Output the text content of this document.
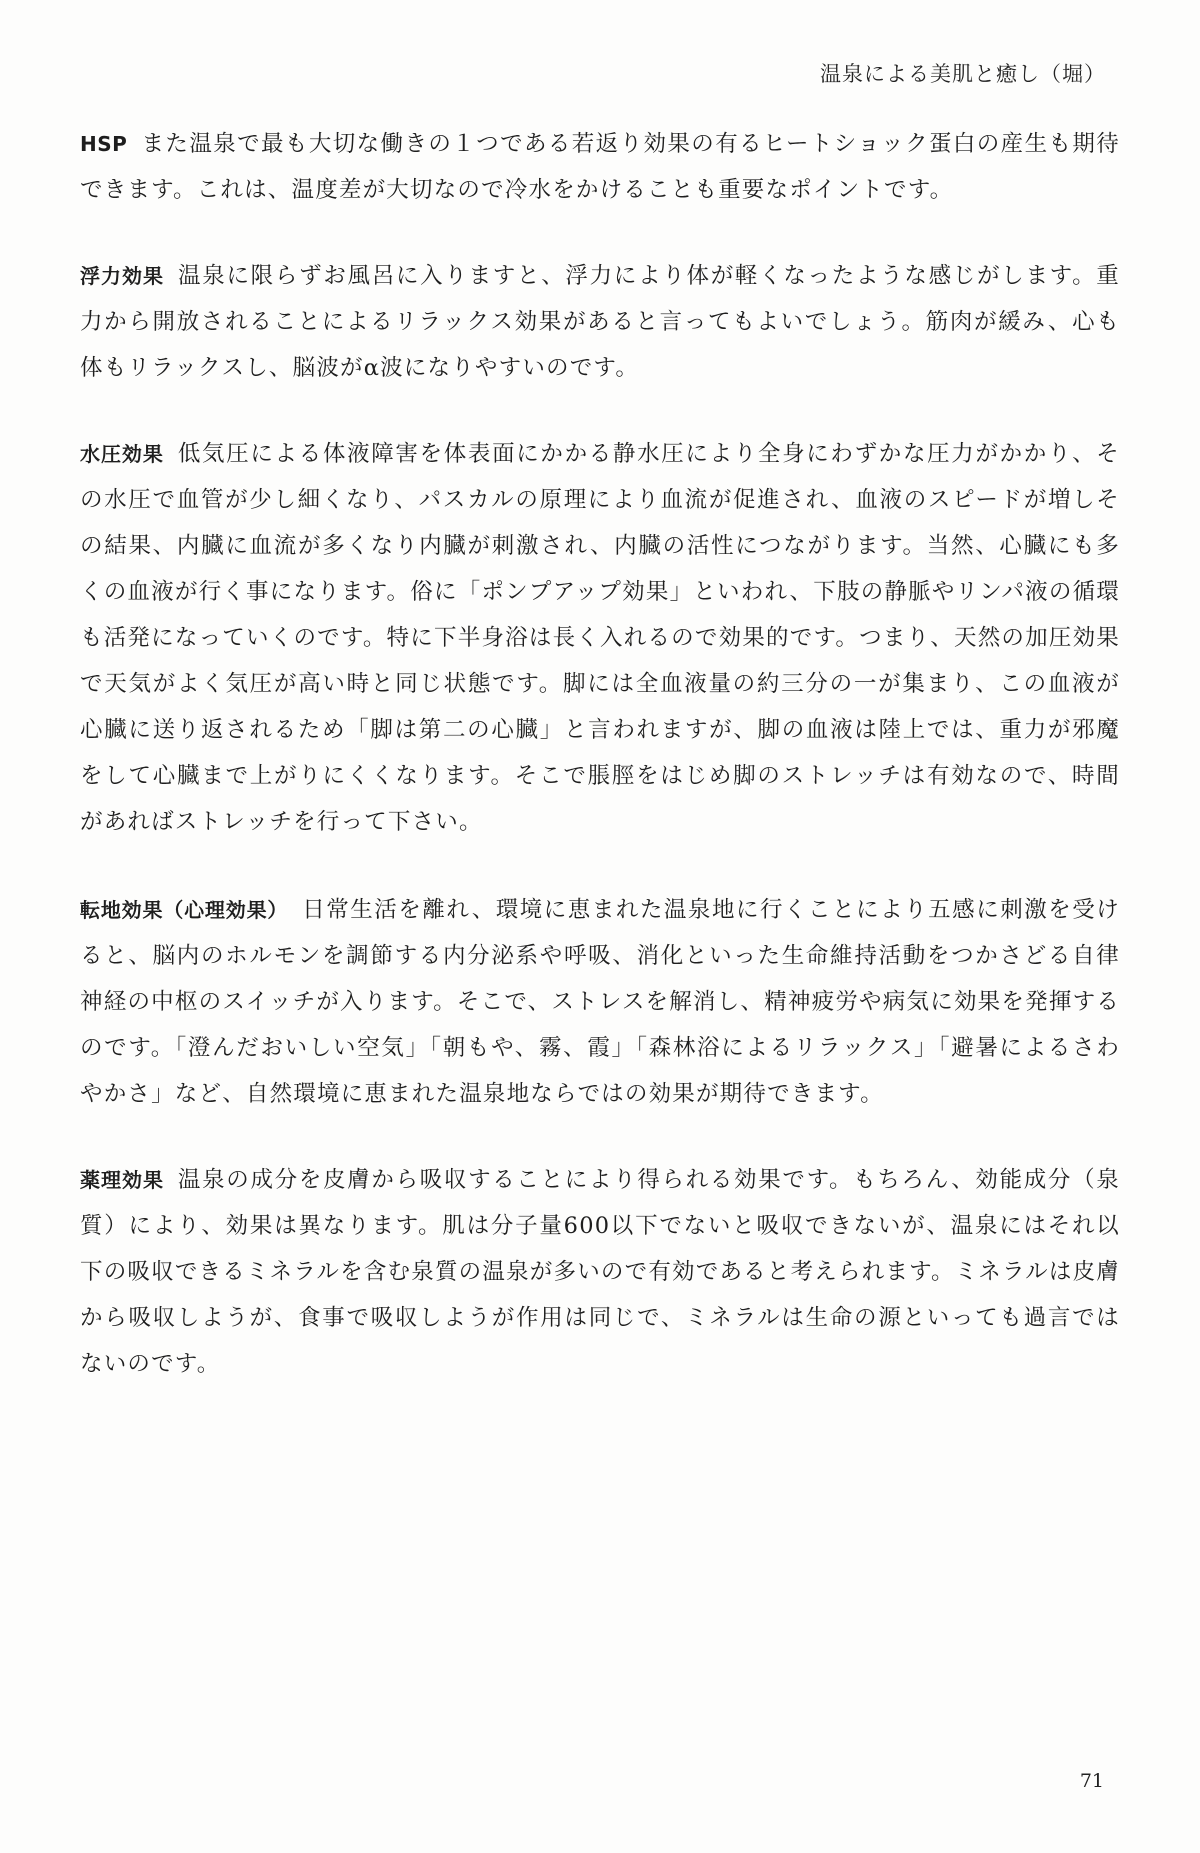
温泉による美肌と癒し（堀）
HSP また温泉で最も大切な働きの１つである若返り効果の有るヒートショック蛋白の産生も期待できます。これは、温度差が大切なので冷水をかけることも重要なポイントです。
浮力効果 温泉に限らずお風呂に入りますと、浮力により体が軽くなったような感じがします。重力から開放されることによるリラックス効果があると言ってもよいでしょう。筋肉が緩み、心も体もリラックスし、脳波がα波になりやすいのです。
水圧効果 低気圧による体液障害を体表面にかかる静水圧により全身にわずかな圧力がかかり、その水圧で血管が少し細くなり、パスカルの原理により血流が促進され、血液のスピードが増しその結果、内臓に血流が多くなり内臓が刺激され、内臓の活性につながります。当然、心臓にも多くの血液が行く事になります。俗に「ポンプアップ効果」といわれ、下肢の静脈やリンパ液の循環も活発になっていくのです。特に下半身浴は長く入れるので効果的です。つまり、天然の加圧効果で天気がよく気圧が高い時と同じ状態です。脚には全血液量の約三分の一が集まり、この血液が心臓に送り返されるため「脚は第二の心臓」と言われますが、脚の血液は陸上では、重力が邪魔をして心臓まで上がりにくくなります。そこで脹脛をはじめ脚のストレッチは有効なので、時間があればストレッチを行って下さい。
転地効果（心理効果） 日常生活を離れ、環境に恵まれた温泉地に行くことにより五感に刺激を受けると、脳内のホルモンを調節する内分泌系や呼吸、消化といった生命維持活動をつかさどる自律神経の中枢のスイッチが入ります。そこで、ストレスを解消し、精神疲労や病気に効果を発揮するのです。「澄んだおいしい空気」「朝もや、霧、霞」「森林浴によるリラックス」「避暑によるさわやかさ」など、自然環境に恵まれた温泉地ならではの効果が期待できます。
薬理効果 温泉の成分を皮膚から吸収することにより得られる効果です。もちろん、効能成分（泉質）により、効果は異なります。肌は分子量600以下でないと吸収できないが、温泉にはそれ以下の吸収できるミネラルを含む泉質の温泉が多いので有効であると考えられます。ミネラルは皮膚から吸収しようが、食事で吸収しようが作用は同じで、ミネラルは生命の源といっても過言ではないのです。
71
